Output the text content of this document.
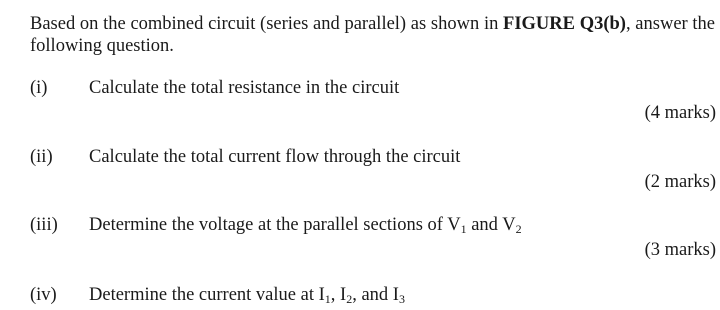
Based on the combined circuit (series and parallel) as shown in FIGURE Q3(b), answer the following question.

(i) Calculate the total resistance in the circuit
(4 marks)
(ii) Calculate the total current flow through the circuit
(2 marks)
(iii) Determine the voltage at the parallel sections of $V_1$ and $V_2$
(3 marks)
(iv) Determine the current value at $I_1$, $I_2$, and $I_3$
